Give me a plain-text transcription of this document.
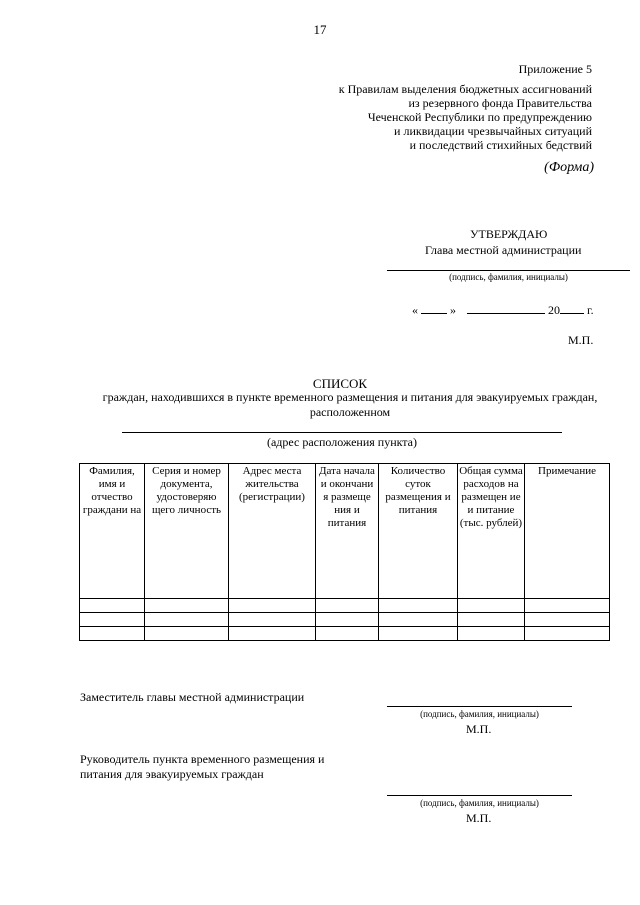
17
Приложение 5
к Правилам выделения бюджетных ассигнований
из резервного фонда Правительства
Чеченской Республики по предупреждению
и ликвидации чрезвычайных ситуаций
и последствий стихийных бедствий
(Форма)
УТВЕРЖДАЮ
Глава местной администрации
(подпись, фамилия, инициалы)
«	»	20 г.
М.П.
СПИСОК
граждан, находившихся в пункте временного размещения и питания для эвакуируемых граждан, расположенном
(адрес расположения пункта)
Фамилия, имя и отчество граждани на	Серия и номер документа, удостоверяю щего личность	Адрес места жительства (регистрации)	Дата начала и окончани я размеще ния и питания	Количество суток размещения и питания	Общая сумма расходов на размещен ие и питание (тыс. рублей)	Примечание

Заместитель главы местной администрации
(подпись, фамилия, инициалы)
М.П.
Руководитель пункта временного размещения и питания для эвакуируемых граждан
(подпись, фамилия, инициалы)
М.П.
